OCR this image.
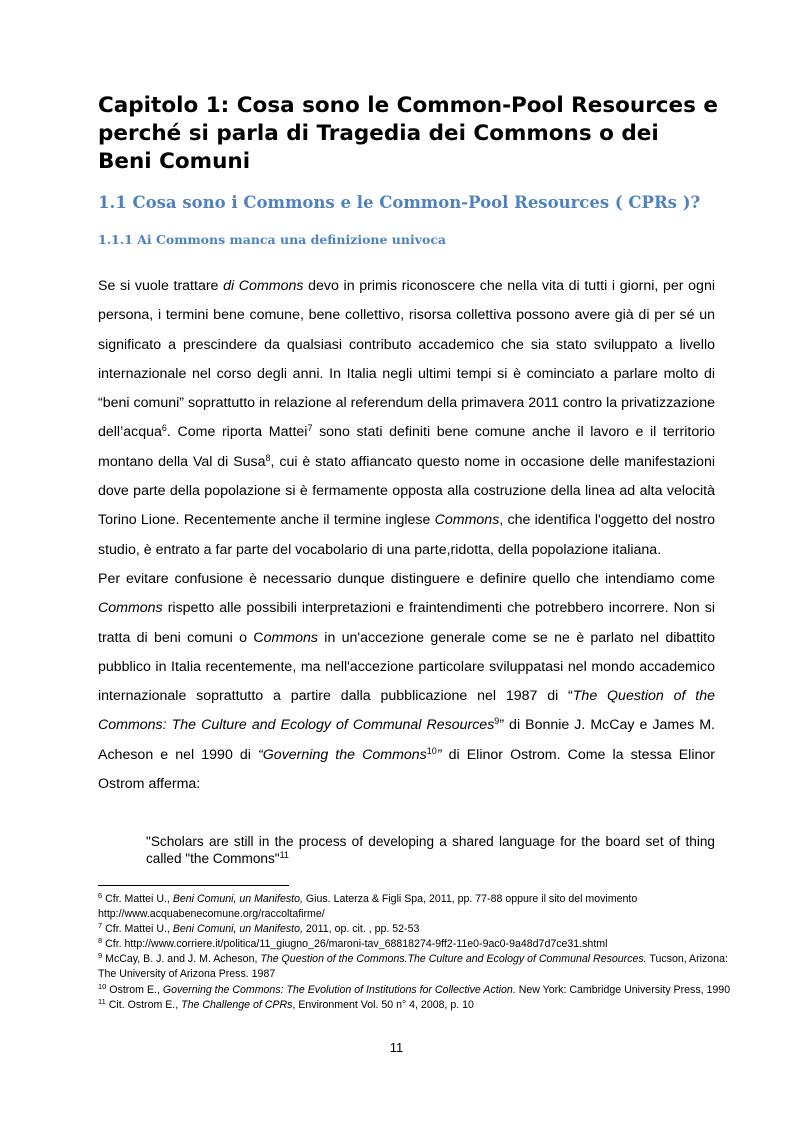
Capitolo 1: Cosa sono le Common-Pool Resources e perché si parla di Tragedia dei Commons o dei Beni Comuni
1.1 Cosa sono i Commons e le Common-Pool Resources ( CPRs )?
1.1.1 Ai Commons manca una definizione univoca

Se si vuole trattare di Commons devo in primis riconoscere che nella vita di tutti i giorni, per ogni persona, i termini bene comune, bene collettivo, risorsa collettiva possono avere già di per sé un significato a prescindere da qualsiasi contributo accademico che sia stato sviluppato a livello internazionale nel corso degli anni. In Italia negli ultimi tempi si è cominciato a parlare molto di “beni comuni” soprattutto in relazione al referendum della primavera 2011 contro la privatizzazione dell’acqua$^6$. Come riporta Mattei$^7$ sono stati definiti bene comune anche il lavoro e il territorio montano della Val di Susa$^8$, cui è stato affiancato questo nome in occasione delle manifestazioni dove parte della popolazione si è fermamente opposta alla costruzione della linea ad alta velocità Torino Lione. Recentemente anche il termine inglese Commons, che identifica l'oggetto del nostro studio, è entrato a far parte del vocabolario di una parte,ridotta, della popolazione italiana.

Per evitare confusione è necessario dunque distinguere e definire quello che intendiamo come Commons rispetto alle possibili interpretazioni e fraintendimenti che potrebbero incorrere. Non si tratta di beni comuni o Commons in un'accezione generale come se ne è parlato nel dibattito pubblico in Italia recentemente, ma nell'accezione particolare sviluppatasi nel mondo accademico internazionale soprattutto a partire dalla pubblicazione nel 1987 di “The Question of the Commons: The Culture and Ecology of Communal Resources$^9$” di Bonnie J. McCay e James M. Acheson e nel 1990 di “Governing the Commons$^{10}$” di Elinor Ostrom. Come la stessa Elinor Ostrom afferma:

"Scholars are still in the process of developing a shared language for the board set of thing called "the Commons"$^{11}$

$^6$ Cfr. Mattei U., Beni Comuni, un Manifesto, Gius. Laterza & Figli Spa, 2011, pp. 77-88 oppure il sito del movimento http://www.acquabenecomune.org/raccoltafirme/

$^7$ Cfr. Mattei U., Beni Comuni, un Manifesto, 2011, op. cit. , pp. 52-53

$^8$ Cfr. http://www.corriere.it/politica/11_giugno_26/maroni-tav_68818274-9ff2-11e0-9ac0-9a48d7d7ce31.shtml

$^9$ McCay, B. J. and J. M. Acheson, The Question of the Commons.The Culture and Ecology of Communal Resources. Tucson, Arizona: The University of Arizona Press. 1987

$^{10}$ Ostrom E., Governing the Commons: The Evolution of Institutions for Collective Action. New York: Cambridge University Press, 1990

$^{11}$ Cit. Ostrom E., The Challenge of CPRs, Environment Vol. 50 n° 4, 2008, p. 10

11
